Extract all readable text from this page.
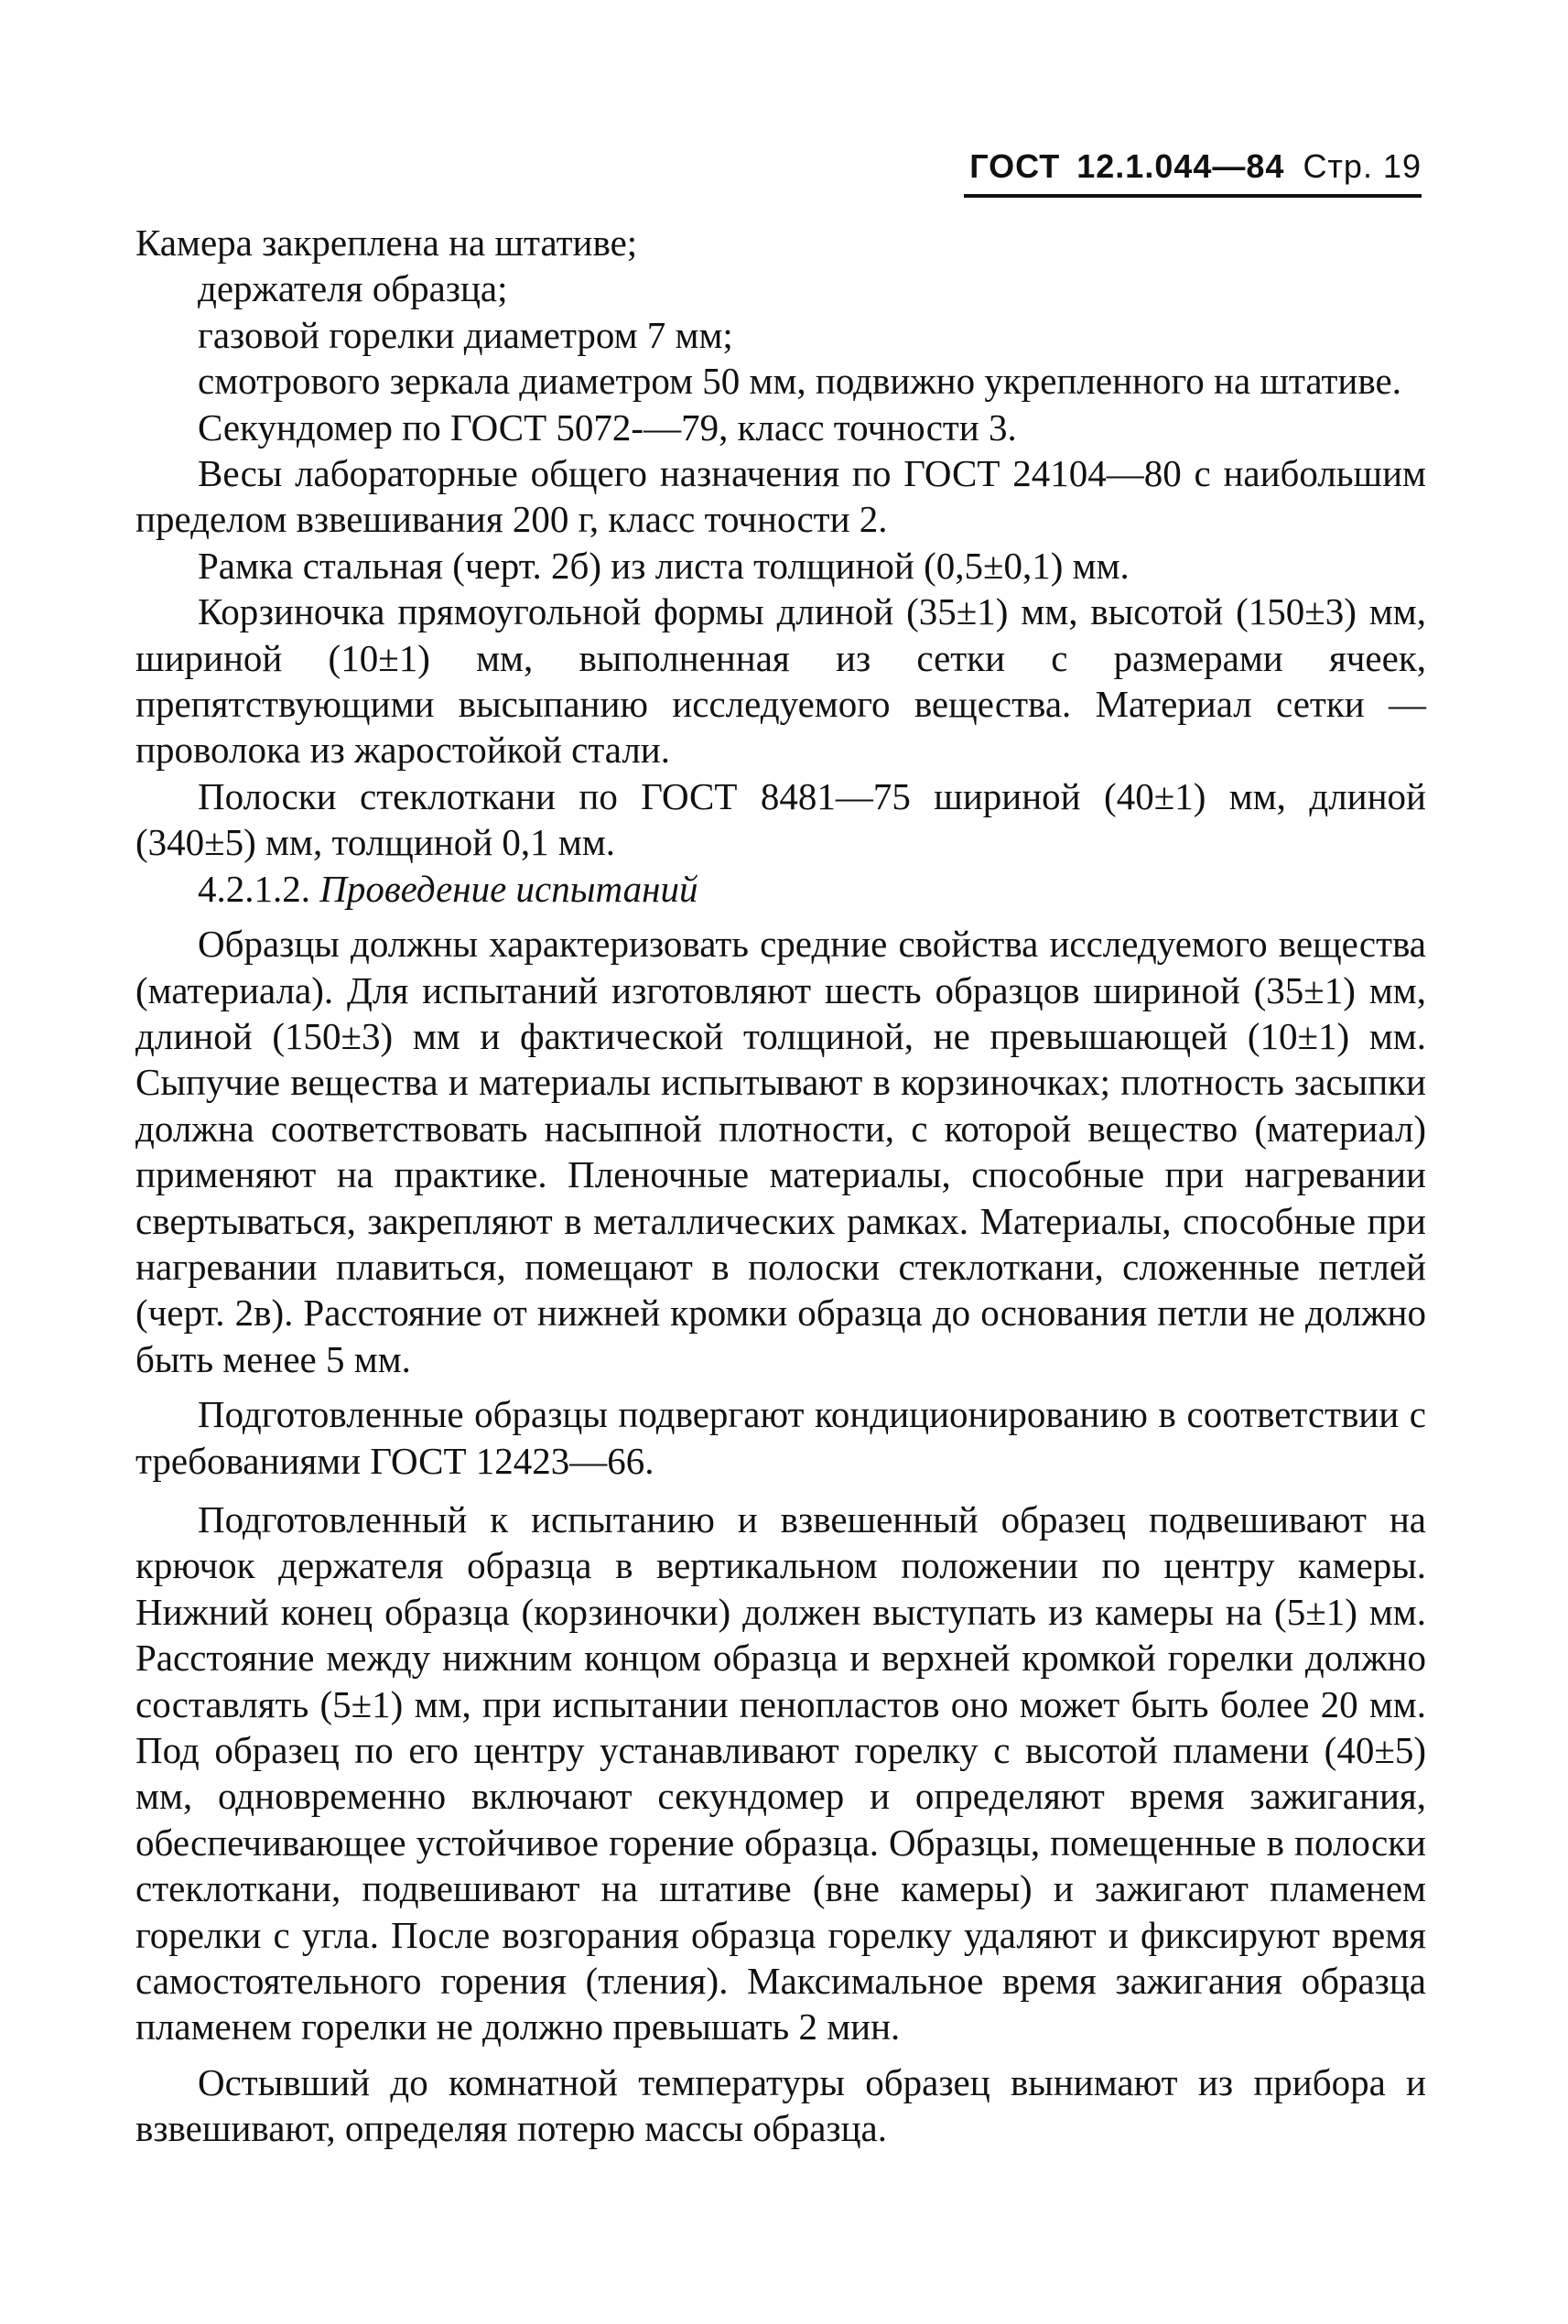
ГОСТ 12.1.044—84 Стр. 19

Камера закреплена на штативе;

держателя образца;

газовой горелки диаметром 7 мм;

смотрового зеркала диаметром 50 мм, подвижно укрепленного на штативе.

Секундомер по ГОСТ 5072-—79, класс точности 3.

Весы лабораторные общего назначения по ГОСТ 24104—80 с наибольшим пределом взвешивания 200 г, класс точности 2.

Рамка стальная (черт. 2б) из листа толщиной (0,5±0,1) мм.

Корзиночка прямоугольной формы длиной (35±1) мм, высотой (150±3) мм, шириной (10±1) мм, выполненная из сетки с размерами ячеек, препятствующими высыпанию исследуемого вещества. Материал сетки — проволока из жаростойкой стали.

Полоски стеклоткани по ГОСТ 8481—75 шириной (40±1) мм, длиной (340±5) мм, толщиной 0,1 мм.

4.2.1.2. Проведение испытаний

Образцы должны характеризовать средние свойства исследуемого вещества (материала). Для испытаний изготовляют шесть образцов шириной (35±1) мм, длиной (150±3) мм и фактической толщиной, не превышающей (10±1) мм. Сыпучие вещества и материалы испытывают в корзиночках; плотность засыпки должна соответствовать насыпной плотности, с которой вещество (материал) применяют на практике. Пленочные материалы, способные при нагревании свертываться, закрепляют в металлических рамках. Материалы, способные при нагревании плавиться, помещают в полоски стеклоткани, сложенные петлей (черт. 2в). Расстояние от нижней кромки образца до основания петли не должно быть менее 5 мм.

Подготовленные образцы подвергают кондиционированию в соответствии с требованиями ГОСТ 12423—66.

Подготовленный к испытанию и взвешенный образец подвешивают на крючок держателя образца в вертикальном положении по центру камеры. Нижний конец образца (корзиночки) должен выступать из камеры на (5±1) мм. Расстояние между нижним концом образца и верхней кромкой горелки должно составлять (5±1) мм, при испытании пенопластов оно может быть более 20 мм. Под образец по его центру устанавливают горелку с высотой пламени (40±5) мм, одновременно включают секундомер и определяют время зажигания, обеспечивающее устойчивое горение образца. Образцы, помещенные в полоски стеклоткани, подвешивают на штативе (вне камеры) и зажигают пламенем горелки с угла. После возгорания образца горелку удаляют и фиксируют время самостоятельного горения (тления). Максимальное время зажигания образца пламенем горелки не должно превышать 2 мин.

Остывший до комнатной температуры образец вынимают из прибора и взвешивают, определяя потерю массы образца.
